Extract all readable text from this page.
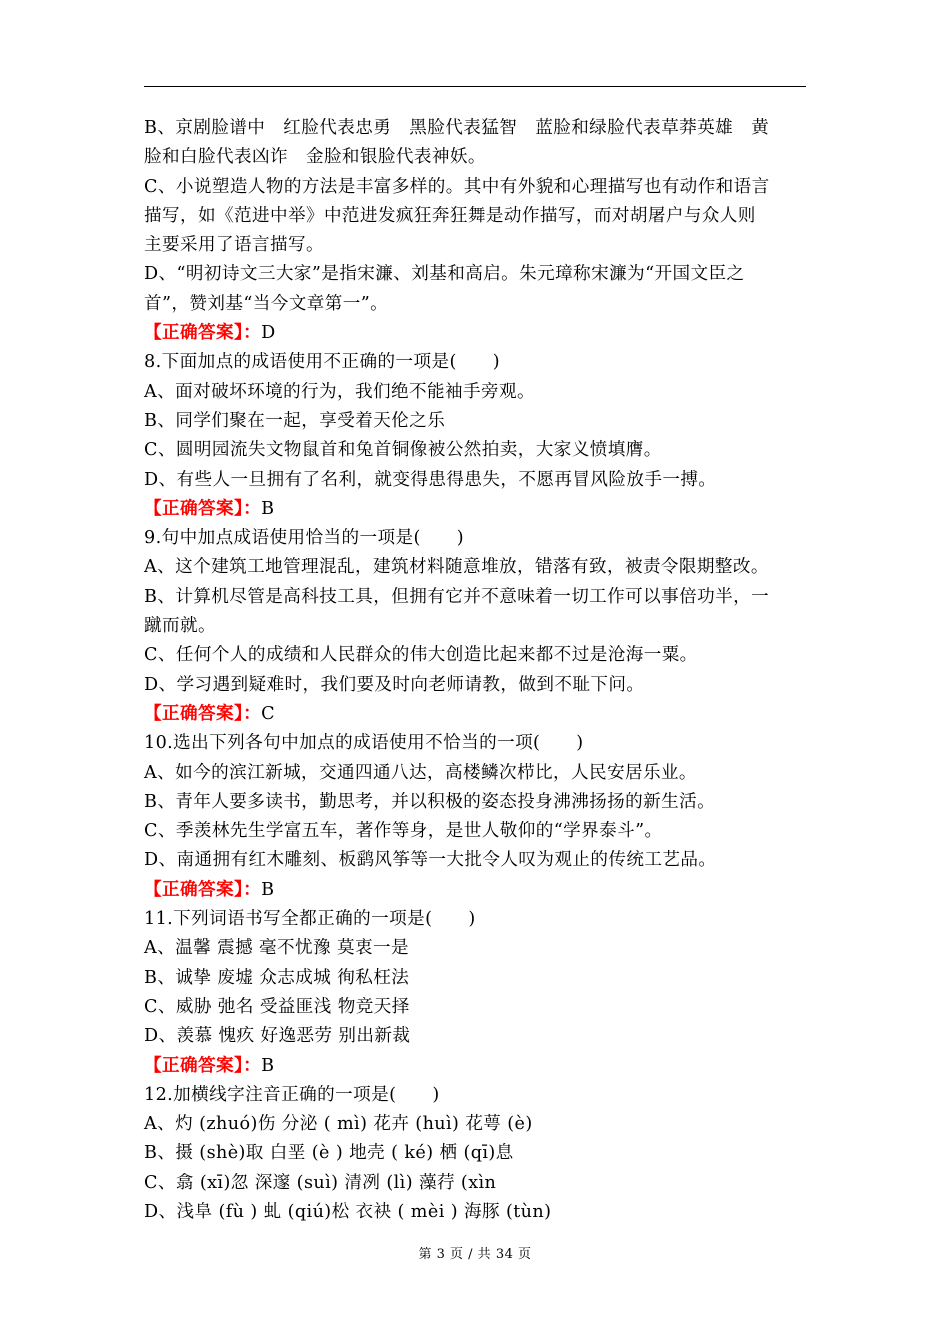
B、京剧脸谱中　红脸代表忠勇　黑脸代表猛智　蓝脸和绿脸代表草莽英雄　黄
脸和白脸代表凶诈　金脸和银脸代表神妖。
C、小说塑造人物的方法是丰富多样的。其中有外貌和心理描写也有动作和语言
描写，如《范进中举》中范进发疯狂奔狂舞是动作描写，而对胡屠户与众人则
主要采用了语言描写。
D、“明初诗文三大家”是指宋濂、刘基和高启。朱元璋称宋濂为“开国文臣之
首”，赞刘基“当今文章第一”。
【正确答案】：D
8.下面加点的成语使用不正确的一项是(　　)
A、面对破坏环境的行为，我们绝不能袖手旁观。
B、同学们聚在一起，享受着天伦之乐
C、圆明园流失文物鼠首和兔首铜像被公然拍卖，大家义愤填膺。
D、有些人一旦拥有了名利，就变得患得患失，不愿再冒风险放手一搏。
【正确答案】：B
9.句中加点成语使用恰当的一项是(　　)
A、这个建筑工地管理混乱，建筑材料随意堆放，错落有致，被责令限期整改。
B、计算机尽管是高科技工具，但拥有它并不意味着一切工作可以事倍功半，一
蹴而就。
C、任何个人的成绩和人民群众的伟大创造比起来都不过是沧海一粟。
D、学习遇到疑难时，我们要及时向老师请教，做到不耻下问。
【正确答案】：C
10.选出下列各句中加点的成语使用不恰当的一项(　　)
A、如今的滨江新城，交通四通八达，高楼鳞次栉比，人民安居乐业。
B、青年人要多读书，勤思考，并以积极的姿态投身沸沸扬扬的新生活。
C、季羡林先生学富五车，著作等身，是世人敬仰的“学界泰斗”。
D、南通拥有红木雕刻、板鹞风筝等一大批令人叹为观止的传统工艺品。
【正确答案】：B
11.下列词语书写全都正确的一项是(　　)
A、温馨 震撼 毫不忧豫 莫衷一是
B、诚挚 废墟 众志成城 徇私枉法
C、威胁 弛名 受益匪浅 物竞天择
D、羡慕 愧疚 好逸恶劳 别出新裁
【正确答案】：B
12.加横线字注音正确的一项是(　　)
A、灼 (zhuó)伤 分泌 ( mì) 花卉 (huì) 花萼 (è)
B、摄 (shè)取 白垩 (è ) 地壳 ( ké) 栖 (qī)息
C、翕 (xī)忽 深邃 (suì) 清冽 (lì) 藻荇 (xìn
D、浅阜 (fù ) 虬 (qiú)松 衣袂 ( mèi ) 海豚 (tùn)
第 3 页 / 共 34 页
